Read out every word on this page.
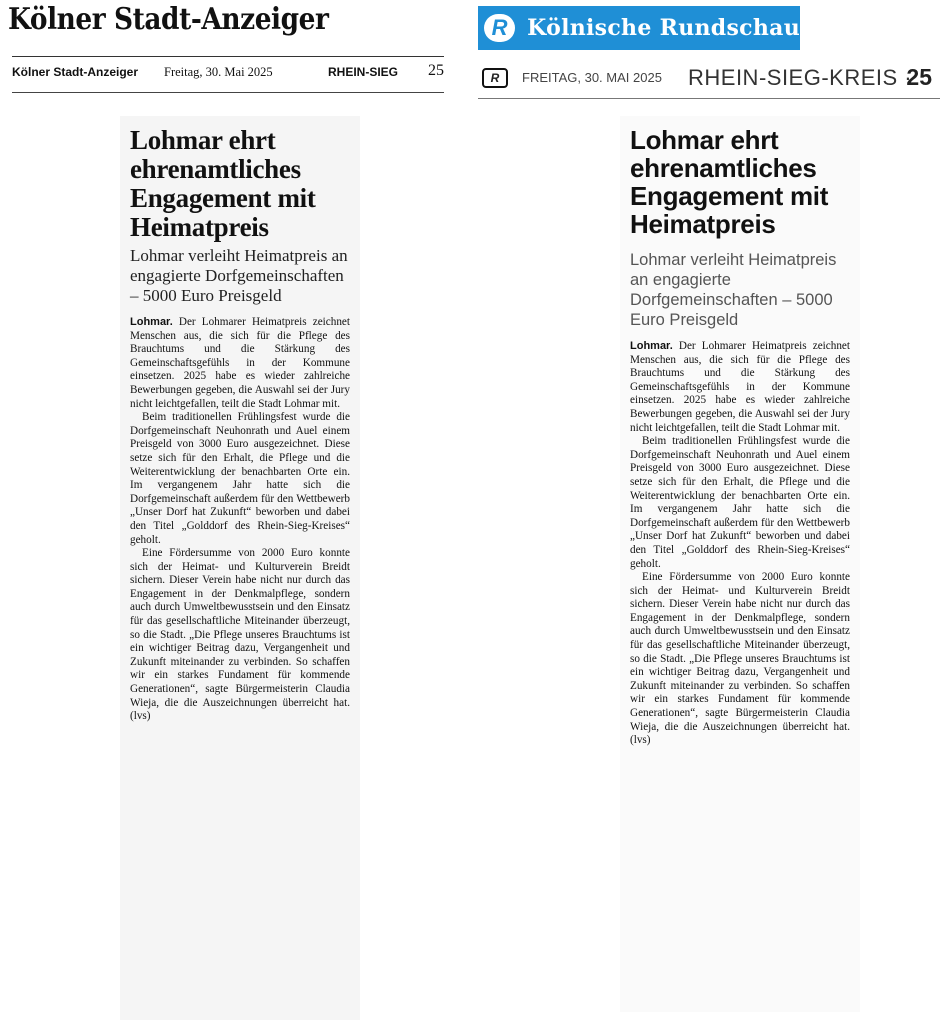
Kölner Stadt-Anzeiger
Kölner Stadt-Anzeiger Freitag, 30. Mai 2025	RHEIN-SIEG 25
Lohmar ehrt ehrenamtliches Engagement mit Heimatpreis
Lohmar verleiht Heimatpreis an engagierte Dorfgemeinschaften – 5000 Euro Preisgeld

Lohmar. Der Lohmarer Heimatpreis zeichnet Menschen aus, die sich für die Pflege des Brauchtums und die Stärkung des Gemeinschaftsgefühls in der Kommune einsetzen. 2025 habe es wieder zahlreiche Bewerbungen gegeben, die Auswahl sei der Jury nicht leichtgefallen, teilt die Stadt Lohmar mit.

Beim traditionellen Frühlingsfest wurde die Dorfgemeinschaft Neuhonrath und Auel einem Preisgeld von 3000 Euro ausgezeichnet. Diese setze sich für den Erhalt, die Pflege und die Weiterentwicklung der benachbarten Orte ein. Im vergangenem Jahr hatte sich die Dorfgemeinschaft außerdem für den Wettbewerb „Unser Dorf hat Zukunft“ beworben und dabei den Titel „Golddorf des Rhein-Sieg-Kreises“ geholt.

Eine Fördersumme von 2000 Euro konnte sich der Heimat- und Kulturverein Breidt sichern. Dieser Verein habe nicht nur durch das Engagement in der Denkmalpflege, sondern auch durch Umweltbewusstsein und den Einsatz für das gesellschaftliche Miteinander überzeugt, so die Stadt. „Die Pflege unseres Brauchtums ist ein wichtiger Beitrag dazu, Vergangenheit und Zukunft miteinander zu verbinden. So schaffen wir ein starkes Fundament für kommende Generationen“, sagte Bürgermeisterin Claudia Wieja, die die Auszeichnungen überreicht hat. (lvs)

R Kölnische Rundschau
R	FREITAG, 30. MAI 2025 RHEIN-SIEG-KREIS ·
25
Lohmar ehrt ehrenamtliches Engagement mit Heimatpreis
Lohmar verleiht Heimatpreis an engagierte Dorfgemeinschaften – 5000 Euro Preisgeld

Lohmar. Der Lohmarer Heimatpreis zeichnet Menschen aus, die sich für die Pflege des Brauchtums und die Stärkung des Gemeinschaftsgefühls in der Kommune einsetzen. 2025 habe es wieder zahlreiche Bewerbungen gegeben, die Auswahl sei der Jury nicht leichtgefallen, teilt die Stadt Lohmar mit.

Beim traditionellen Frühlingsfest wurde die Dorfgemeinschaft Neuhonrath und Auel einem Preisgeld von 3000 Euro ausgezeichnet. Diese setze sich für den Erhalt, die Pflege und die Weiterentwicklung der benachbarten Orte ein. Im vergangenem Jahr hatte sich die Dorfgemeinschaft außerdem für den Wettbewerb „Unser Dorf hat Zukunft“ beworben und dabei den Titel „Golddorf des Rhein-Sieg-Kreises“ geholt.

Eine Fördersumme von 2000 Euro konnte sich der Heimat- und Kulturverein Breidt sichern. Dieser Verein habe nicht nur durch das Engagement in der Denkmalpflege, sondern auch durch Umweltbewusstsein und den Einsatz für das gesellschaftliche Miteinander überzeugt, so die Stadt. „Die Pflege unseres Brauchtums ist ein wichtiger Beitrag dazu, Vergangenheit und Zukunft miteinander zu verbinden. So schaffen wir ein starkes Fundament für kommende Generationen“, sagte Bürgermeisterin Claudia Wieja, die die Auszeichnungen überreicht hat. (lvs)
